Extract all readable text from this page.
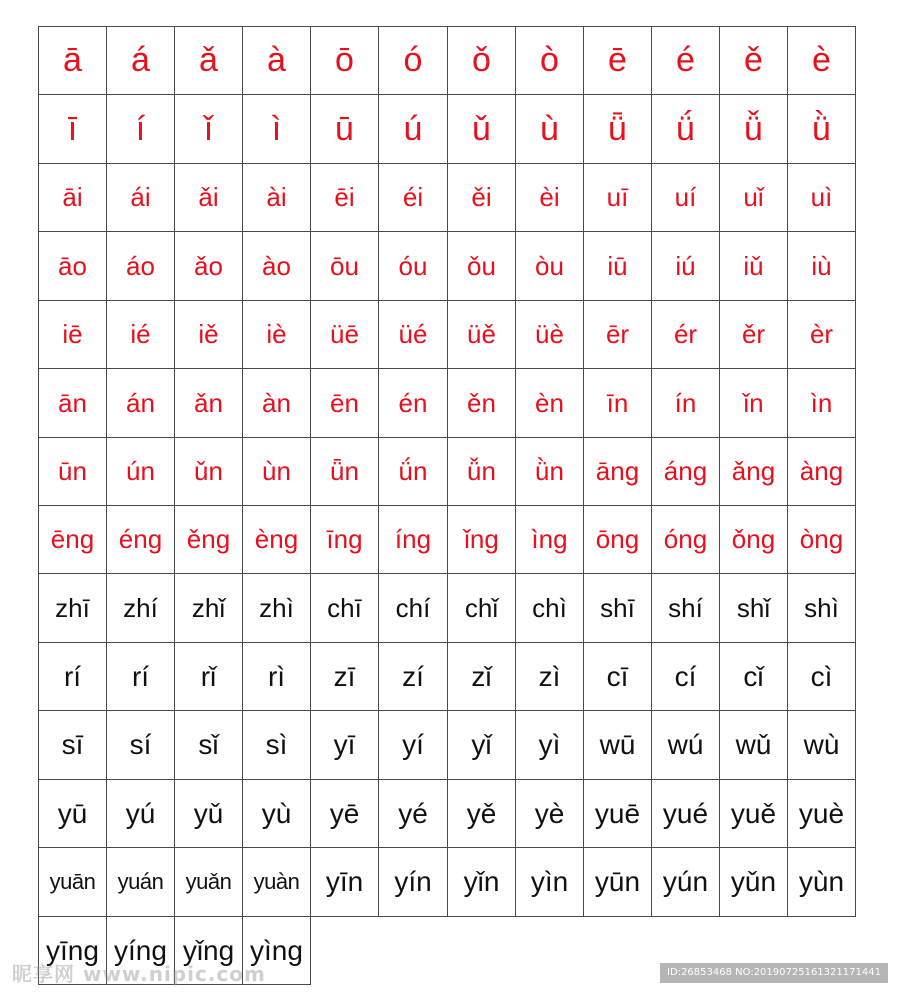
ā	á	ǎ	à	ō	ó	ǒ	ò	ē	é	ě	è
ī	í	ǐ	ì	ū	ú	ǔ	ù	ǖ	ǘ	ǚ	ǜ
āi	ái	ǎi	ài	ēi	éi	ěi	èi	uī	uí	uǐ	uì
āo	áo	ǎo	ào	ōu	óu	ǒu	òu	iū	iú	iǔ	iù
iē	ié	iě	iè	üē	üé	üě	üè	ēr	ér	ěr	èr
ān	án	ǎn	àn	ēn	én	ěn	èn	īn	ín	ǐn	ìn
ūn	ún	ǔn	ùn	ǖn	ǘn	ǚn	ǜn	āng áng ǎng àng
ēng éng ěng èng	īng	íng	ǐng	ìng	ōng óng ǒng òng
zhī	zhí	zhǐ	zhì	chī	chí	chǐ	chì	shī	shí	shǐ	shì
rí	rí	rǐ	rì	zī	zí	zǐ	zì	cī	cí	cǐ	cì
sī	sí	sǐ	sì	yī	yí	yǐ	yì	wū	wú	wǔ	wù
yū	yú	yǔ	yù	yē	yé	yě	yè	yuē yué yuě yuè
yuān	yuán	yuǎn	yuàn yīn	yín	yǐn	yìn yūn yún yǔn yùn
yīng yíng yǐng yìng
昵享网 www.nipic.com	ID:26853468 NO:20190725161321171441
